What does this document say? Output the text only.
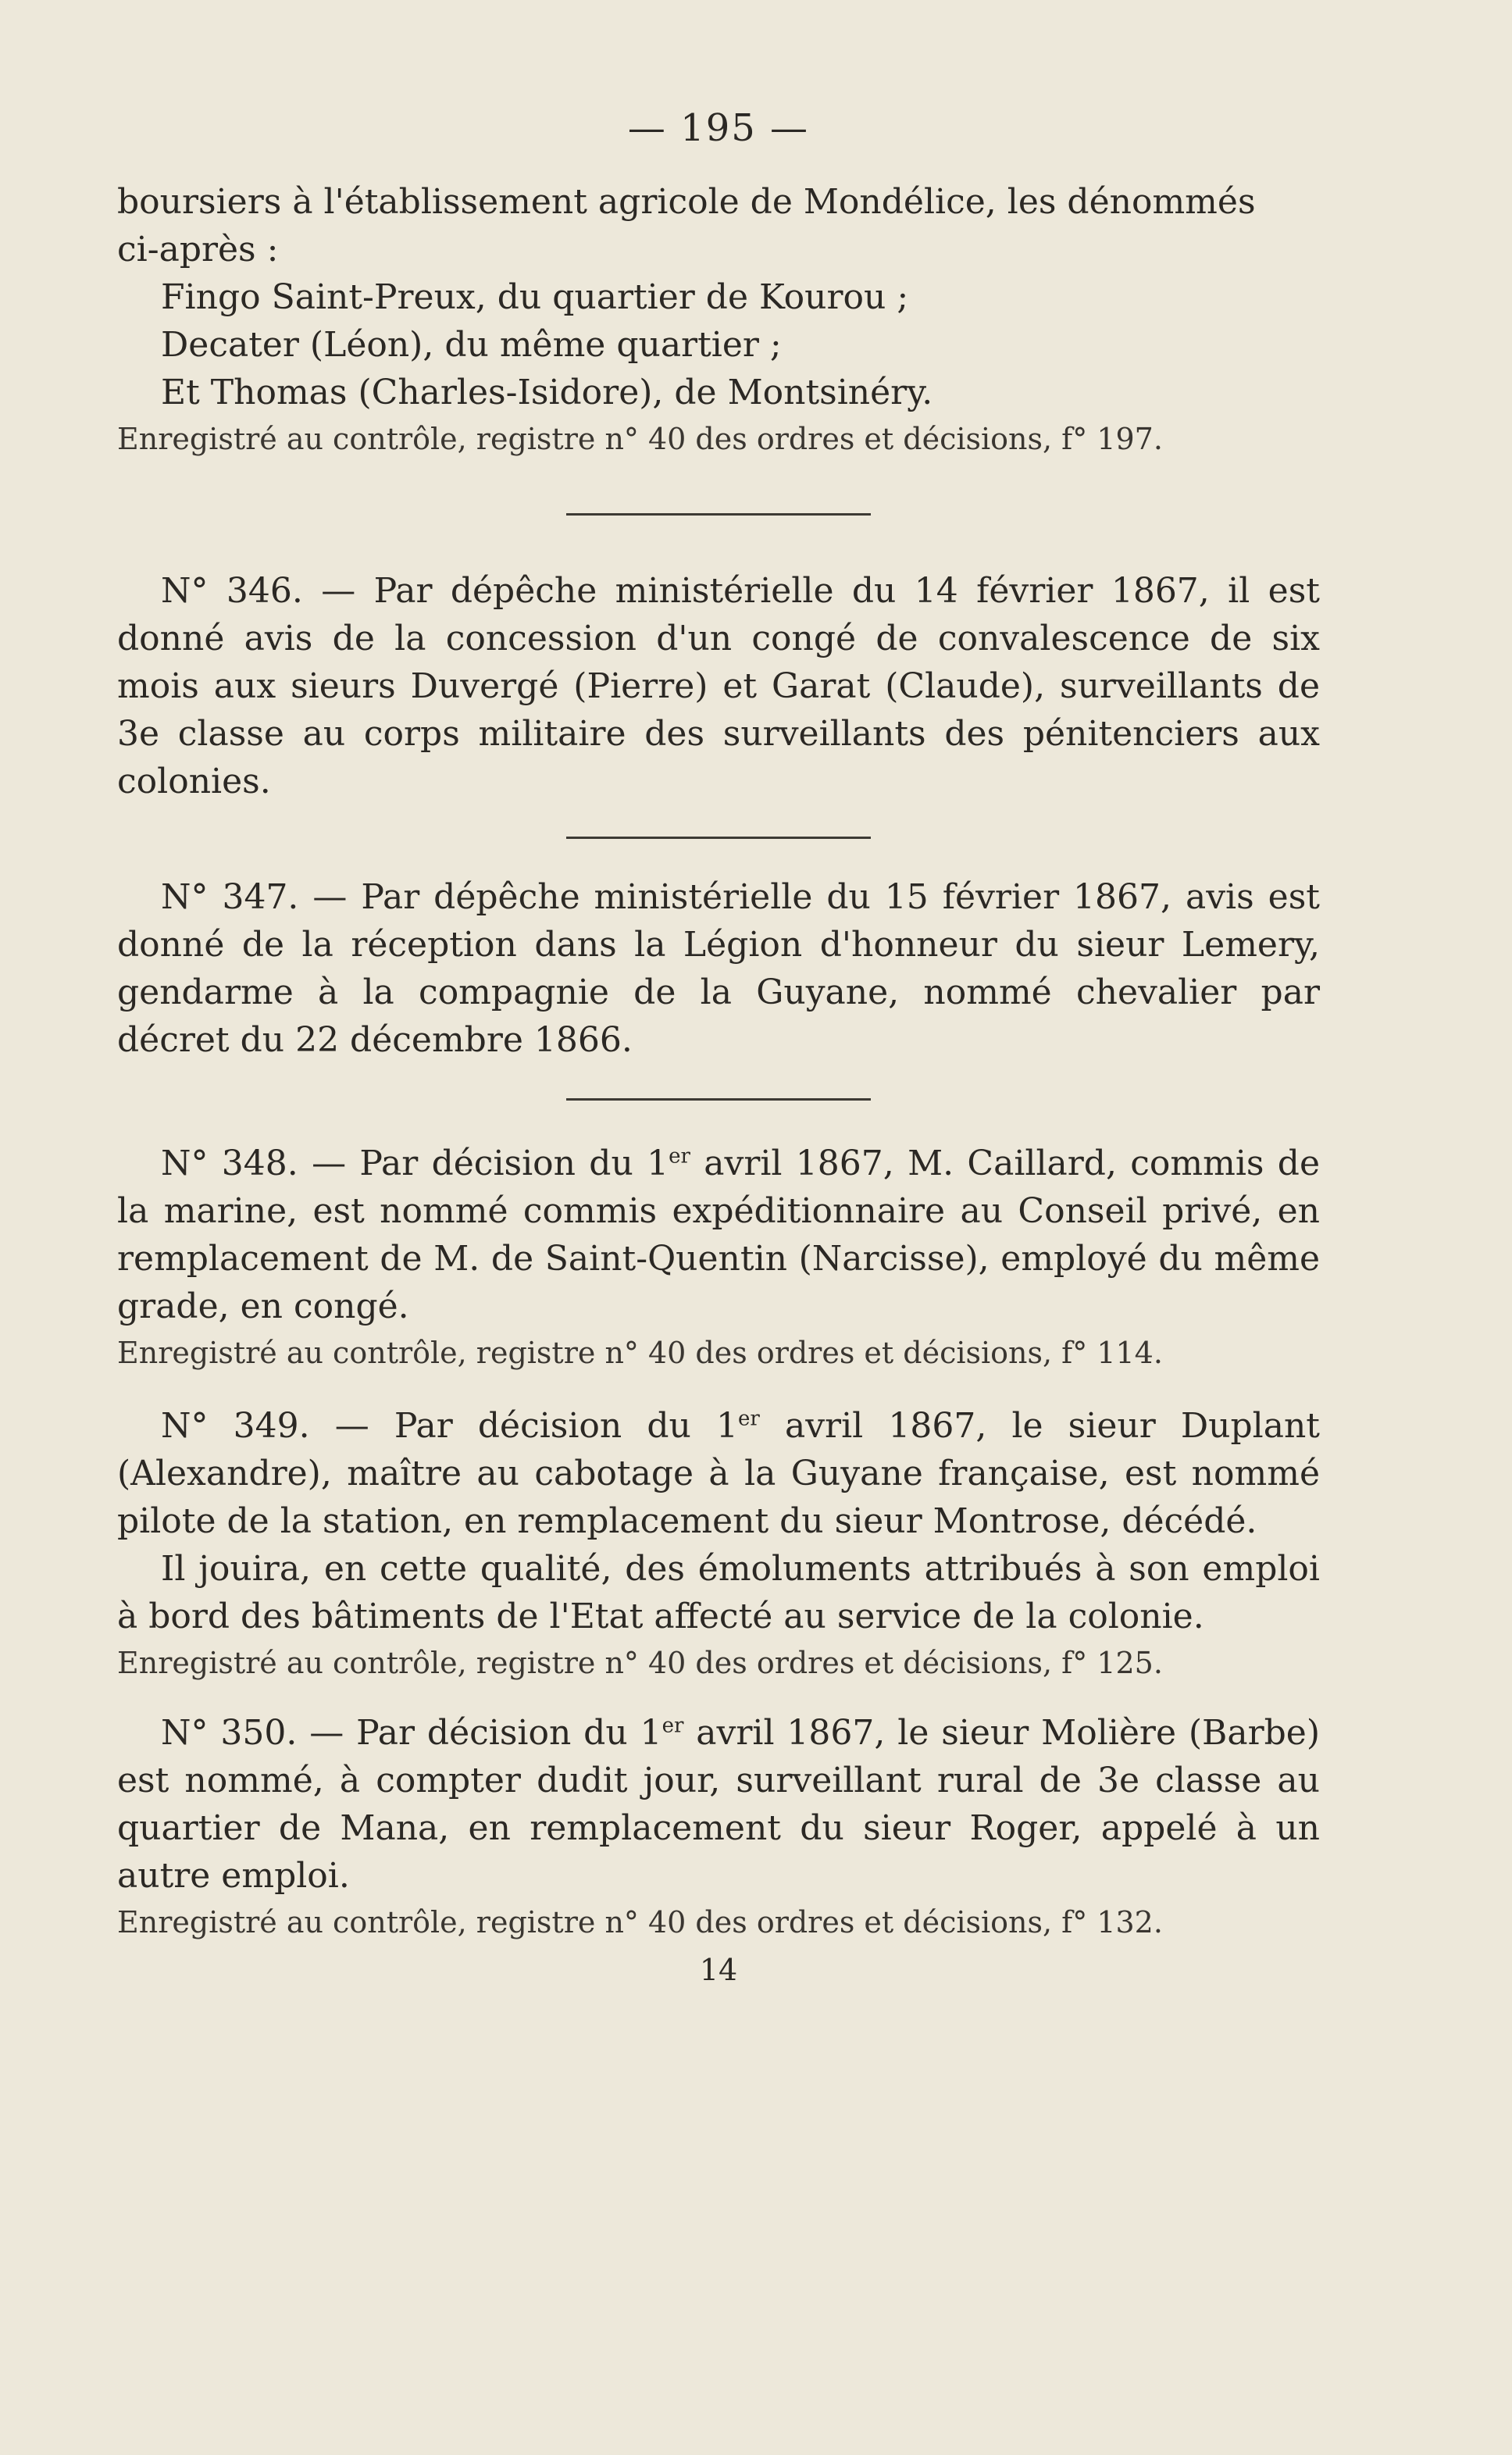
— 195 —

boursiers à l'établissement agricole de Mondélice, les dénommés

ci-après :

Fingo Saint-Preux, du quartier de Kourou ;

Decater (Léon), du même quartier ;

Et Thomas (Charles-Isidore), de Montsinéry.

Enregistré au contrôle, registre n° 40 des ordres et décisions, f° 197.

N° 346. — Par dépêche ministérielle du 14 février 1867, il est donné avis de la concession d'un congé de convalescence de six mois aux sieurs Duvergé (Pierre) et Garat (Claude), surveillants de 3e classe au corps militaire des surveillants des pénitenciers aux colonies.

N° 347. — Par dépêche ministérielle du 15 février 1867, avis est donné de la réception dans la Légion d'honneur du sieur Lemery, gendarme à la compagnie de la Guyane, nommé chevalier par décret du 22 décembre 1866.

N° 348. — Par décision du 1er avril 1867, M. Caillard, commis de la marine, est nommé commis expéditionnaire au Conseil privé, en remplacement de M. de Saint-Quentin (Narcisse), employé du même grade, en congé.

Enregistré au contrôle, registre n° 40 des ordres et décisions, f° 114.

N° 349. — Par décision du 1er avril 1867, le sieur Duplant (Alexandre), maître au cabotage à la Guyane française, est nommé pilote de la station, en remplacement du sieur Montrose, décédé.

Il jouira, en cette qualité, des émoluments attribués à son emploi à bord des bâtiments de l'Etat affecté au service de la colonie.

Enregistré au contrôle, registre n° 40 des ordres et décisions, f° 125.

N° 350. — Par décision du 1er avril 1867, le sieur Molière (Barbe) est nommé, à compter dudit jour, surveillant rural de 3e classe au quartier de Mana, en remplacement du sieur Roger, appelé à un autre emploi.

Enregistré au contrôle, registre n° 40 des ordres et décisions, f° 132.

14
